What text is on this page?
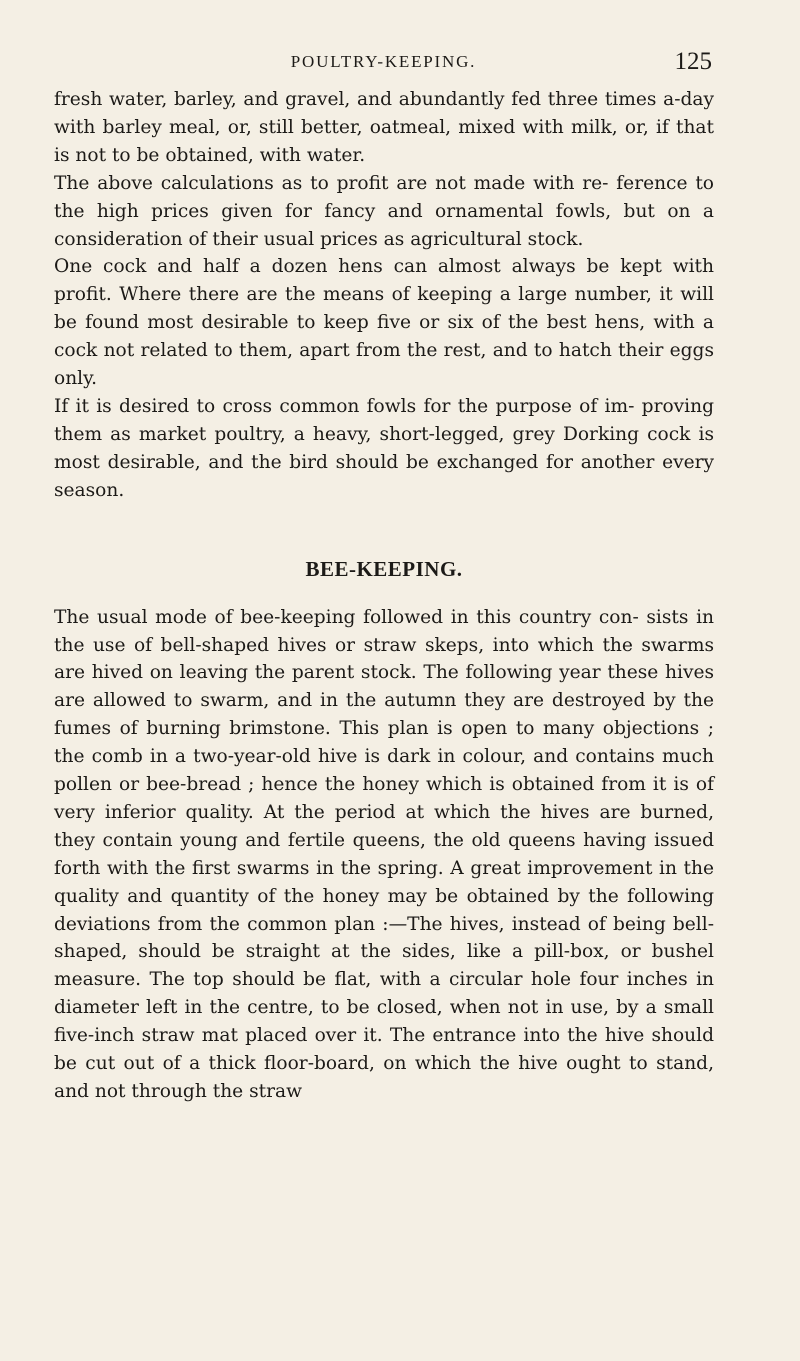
POULTRY-KEEPING.	125

fresh water, barley, and gravel, and abundantly fed three times a-day with barley meal, or, still better, oatmeal, mixed with milk, or, if that is not to be obtained, with water.

The above calculations as to profit are not made with re- ference to the high prices given for fancy and ornamental fowls, but on a consideration of their usual prices as agricultural stock.

One cock and half a dozen hens can almost always be kept with profit. Where there are the means of keeping a large number, it will be found most desirable to keep five or six of the best hens, with a cock not related to them, apart from the rest, and to hatch their eggs only.

If it is desired to cross common fowls for the purpose of im- proving them as market poultry, a heavy, short-legged, grey Dorking cock is most desirable, and the bird should be exchanged for another every season.

BEE-KEEPING.

The usual mode of bee-keeping followed in this country con- sists in the use of bell-shaped hives or straw skeps, into which the swarms are hived on leaving the parent stock. The following year these hives are allowed to swarm, and in the autumn they are destroyed by the fumes of burning brimstone. This plan is open to many objections ; the comb in a two-year-old hive is dark in colour, and contains much pollen or bee-bread ; hence the honey which is obtained from it is of very inferior quality. At the period at which the hives are burned, they contain young and fertile queens, the old queens having issued forth with the first swarms in the spring. A great improvement in the quality and quantity of the honey may be obtained by the following deviations from the common plan :—The hives, instead of being bell-shaped, should be straight at the sides, like a pill-box, or bushel measure. The top should be flat, with a circular hole four inches in diameter left in the centre, to be closed, when not in use, by a small five-inch straw mat placed over it. The entrance into the hive should be cut out of a thick floor-board, on which the hive ought to stand, and not through the straw
